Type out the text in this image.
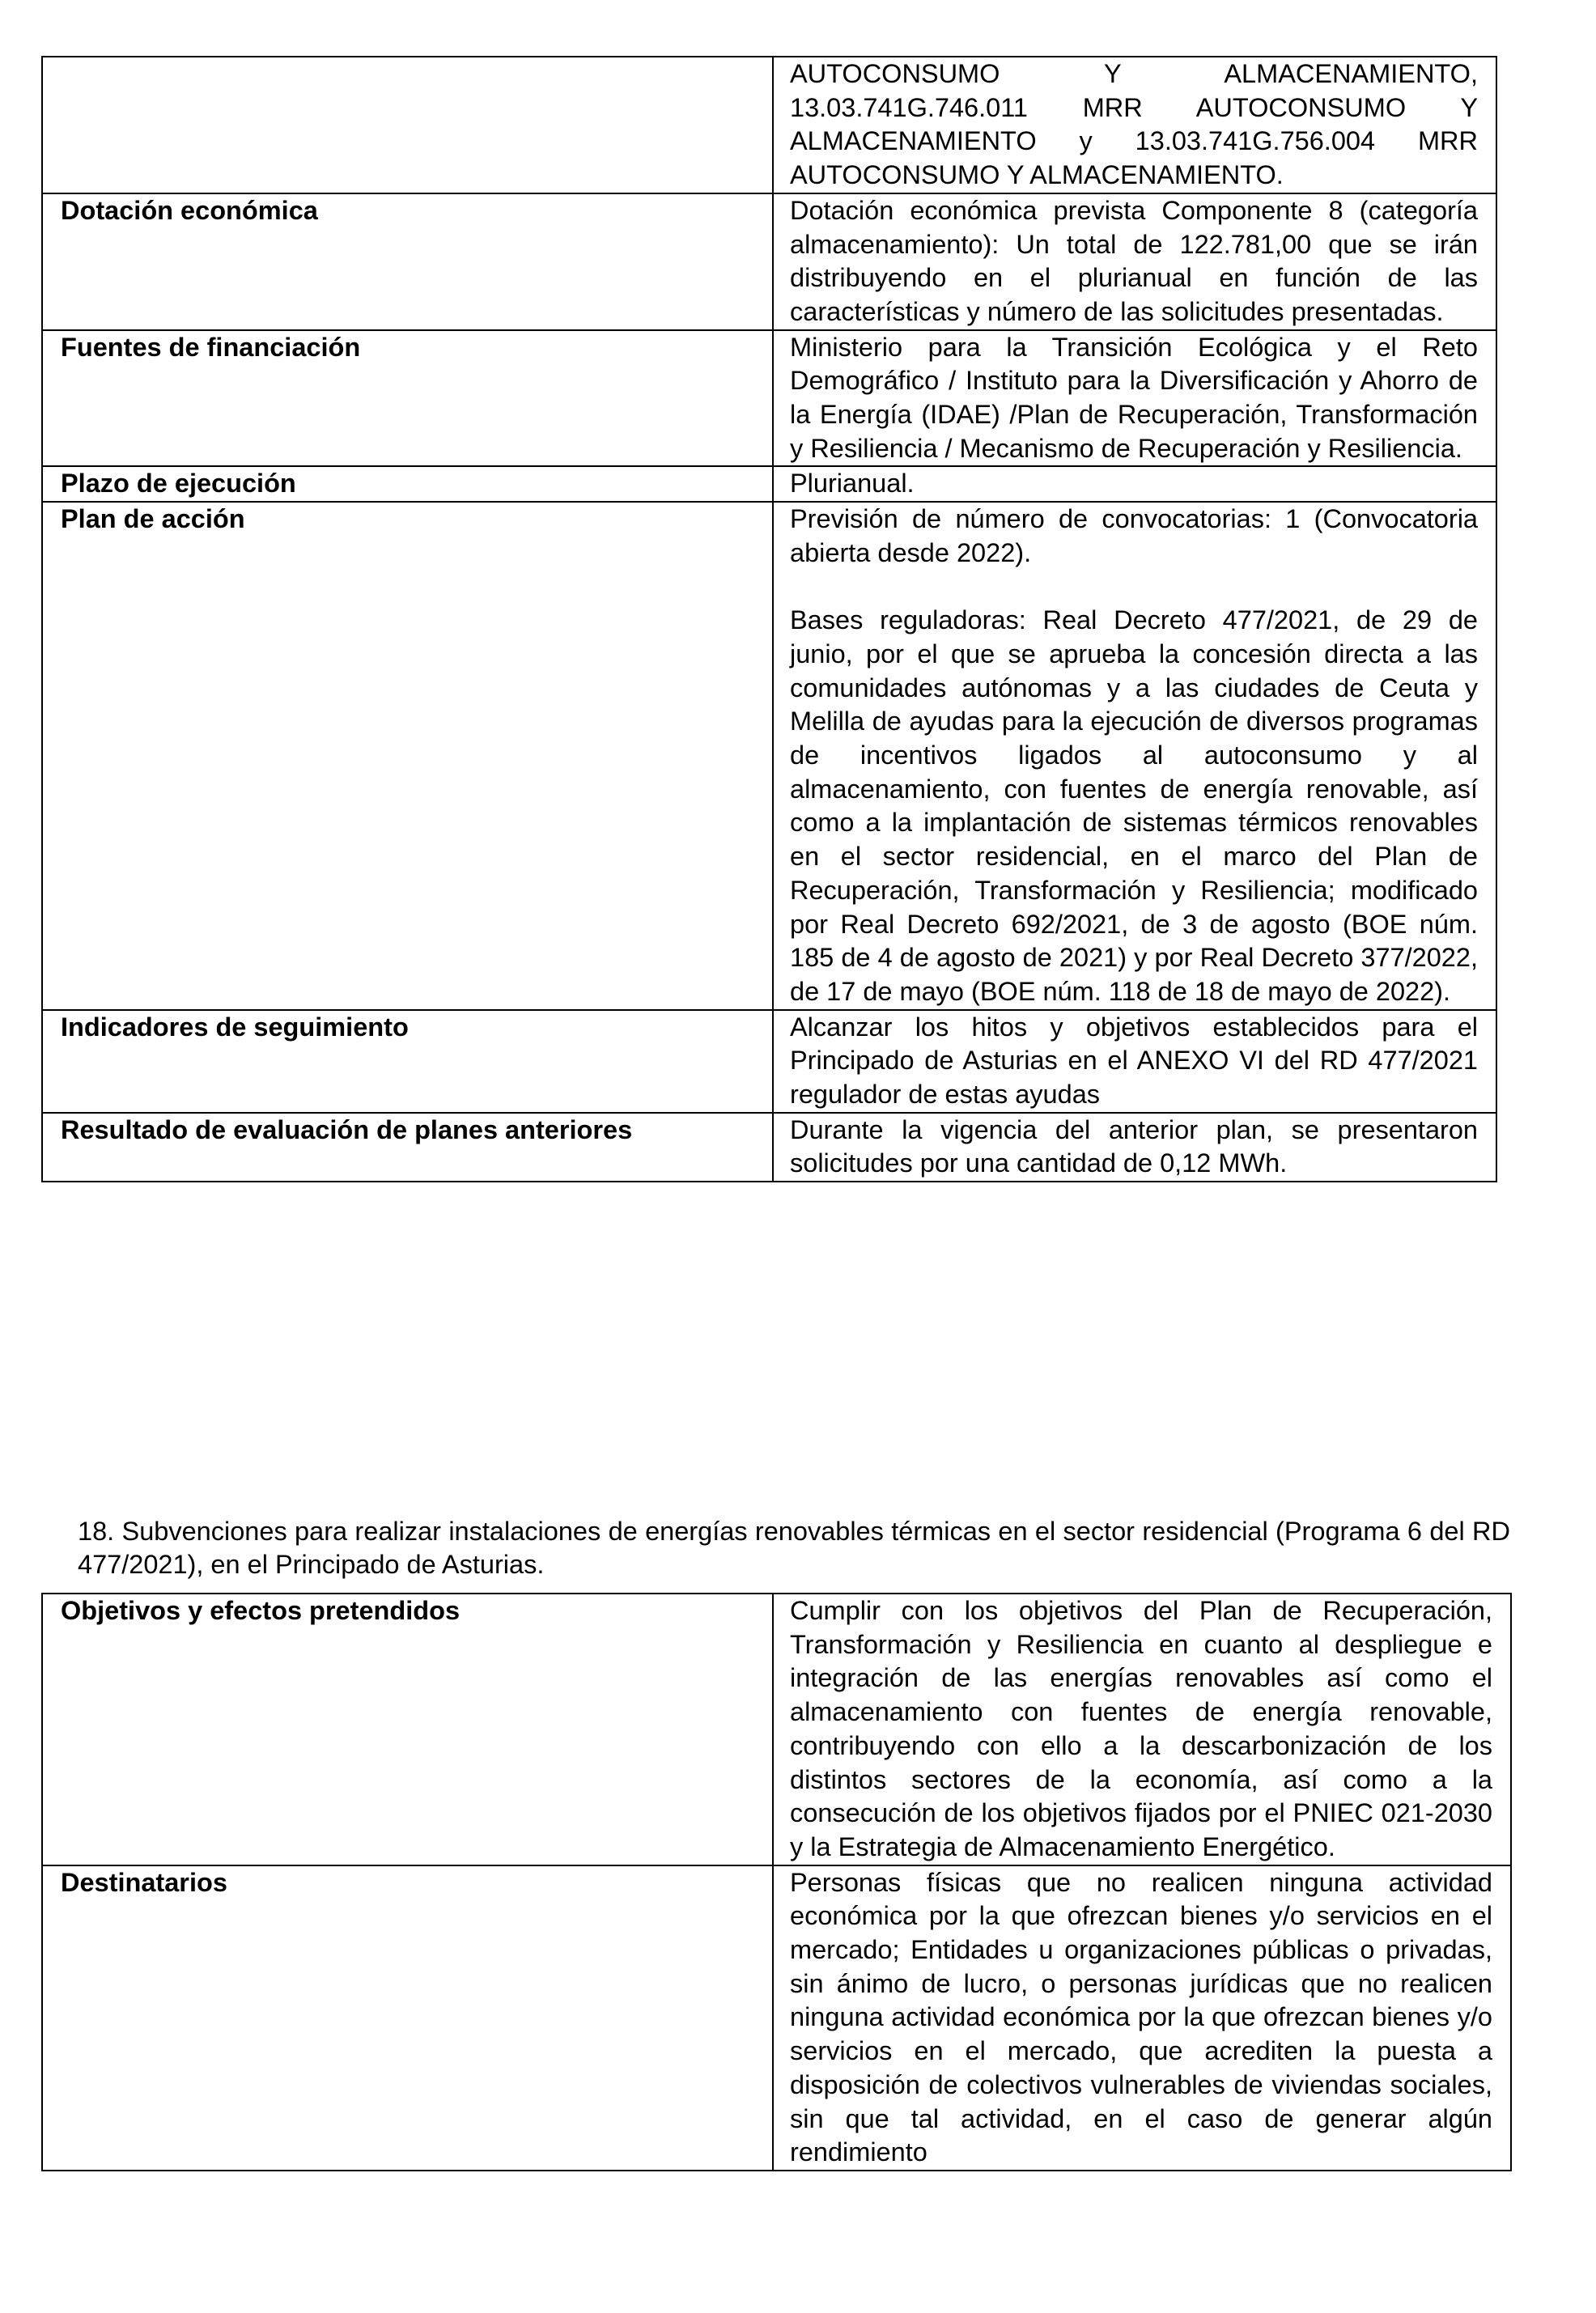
	AUTOCONSUMO Y ALMACENAMIENTO, 13.03.741G.746.011 MRR AUTOCONSUMO Y ALMACENAMIENTO y 13.03.741G.756.004 MRR AUTOCONSUMO Y ALMACENAMIENTO.

Dotación económica	Dotación económica prevista Componente 8 (categoría almacenamiento): Un total de 122.781,00 que se irán distribuyendo en el plurianual en función de las características y número de las solicitudes presentadas.

Fuentes de financiación	Ministerio para la Transición Ecológica y el Reto Demográfico / Instituto para la Diversificación y Ahorro de la Energía (IDAE) /Plan de Recuperación, Transformación y Resiliencia / Mecanismo de Recuperación y Resiliencia.

Plazo de ejecución	Plurianual.

Plan de acción	Previsión de número de convocatorias: 1 (Convocatoria abierta desde 2022).
Bases reguladoras: Real Decreto 477/2021, de 29 de junio, por el que se aprueba la concesión directa a las comunidades autónomas y a las ciudades de Ceuta y Melilla de ayudas para la ejecución de diversos programas de incentivos ligados al autoconsumo y al almacenamiento, con fuentes de energía renovable, así como a la implantación de sistemas térmicos renovables en el sector residencial, en el marco del Plan de Recuperación, Transformación y Resiliencia; modificado por Real Decreto 692/2021, de 3 de agosto (BOE núm. 185 de 4 de agosto de 2021) y por Real Decreto 377/2022, de 17 de mayo (BOE núm. 118 de 18 de mayo de 2022).

Indicadores de seguimiento	Alcanzar los hitos y objetivos establecidos para el Principado de Asturias en el ANEXO VI del RD 477/2021 regulador de estas ayudas

Resultado de evaluación de planes anteriores	Durante la vigencia del anterior plan, se presentaron solicitudes por una cantidad de 0,12 MWh.

18. Subvenciones para realizar instalaciones de energías renovables térmicas en el sector residencial (Programa 6 del RD 477/2021), en el Principado de Asturias.

Objetivos y efectos pretendidos	Cumplir con los objetivos del Plan de Recuperación, Transformación y Resiliencia en cuanto al despliegue e integración de las energías renovables así como el almacenamiento con fuentes de energía renovable, contribuyendo con ello a la descarbonización de los distintos sectores de la economía, así como a la consecución de los objetivos fijados por el PNIEC 021-2030 y la Estrategia de Almacenamiento Energético.

Destinatarios	Personas físicas que no realicen ninguna actividad económica por la que ofrezcan bienes y/o servicios en el mercado; Entidades u organizaciones públicas o privadas, sin ánimo de lucro, o personas jurídicas que no realicen ninguna actividad económica por la que ofrezcan bienes y/o servicios en el mercado, que acrediten la puesta a disposición de colectivos vulnerables de viviendas sociales, sin que tal actividad, en el caso de generar algún rendimiento
